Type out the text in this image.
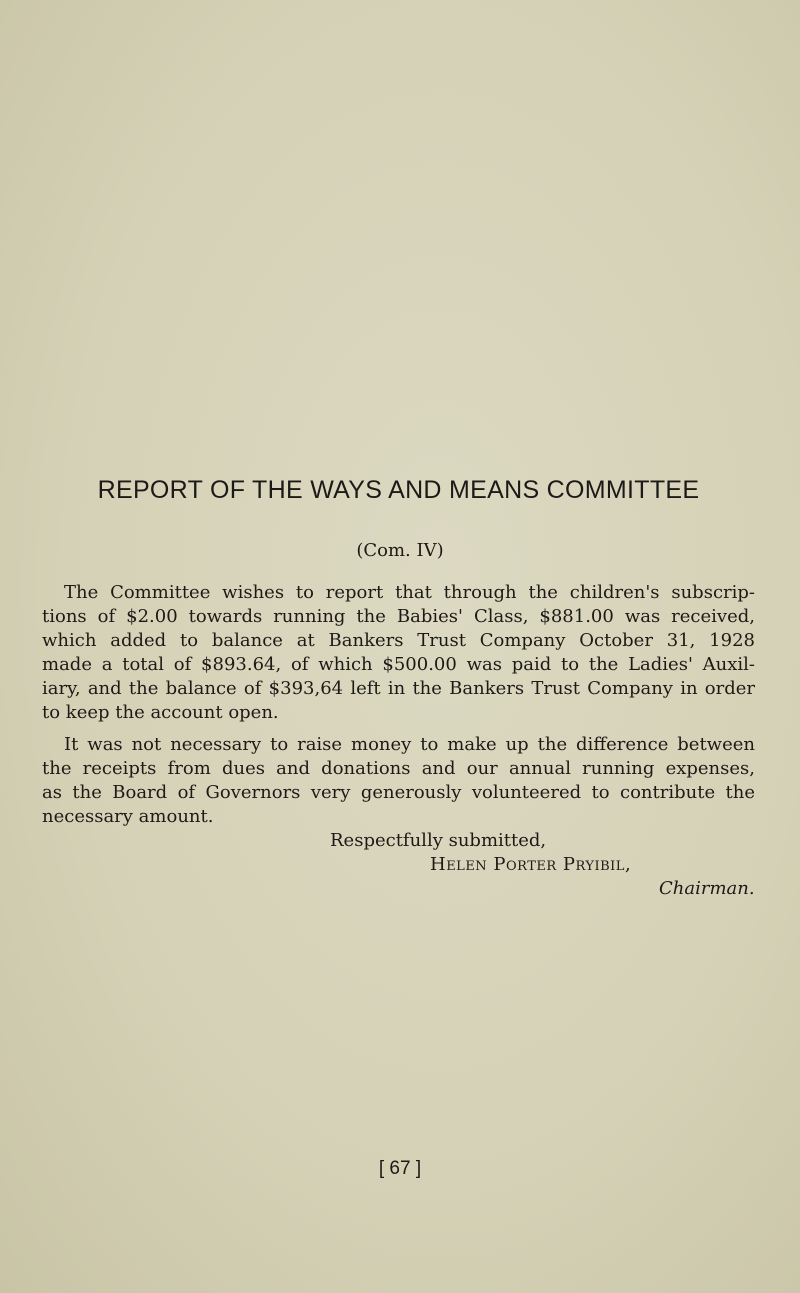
REPORT OF THE WAYS AND MEANS COMMITTEE
(Com. IV)
The Committee wishes to report that through the children's subscrip-
tions of $2.00 towards running the Babies' Class, $881.00 was received,
which added to balance at Bankers Trust Company October 31, 1928
made a total of $893.64, of which $500.00 was paid to the Ladies' Auxil-
iary, and the balance of $393,64 left in the Bankers Trust Company in order
to keep the account open.
It was not necessary to raise money to make up the difference between
the receipts from dues and donations and our annual running expenses,
as the Board of Governors very generously volunteered to contribute the
necessary amount.
Respectfully submitted,
Helen Porter Pryibil,
Chairman.
[ 67 ]
